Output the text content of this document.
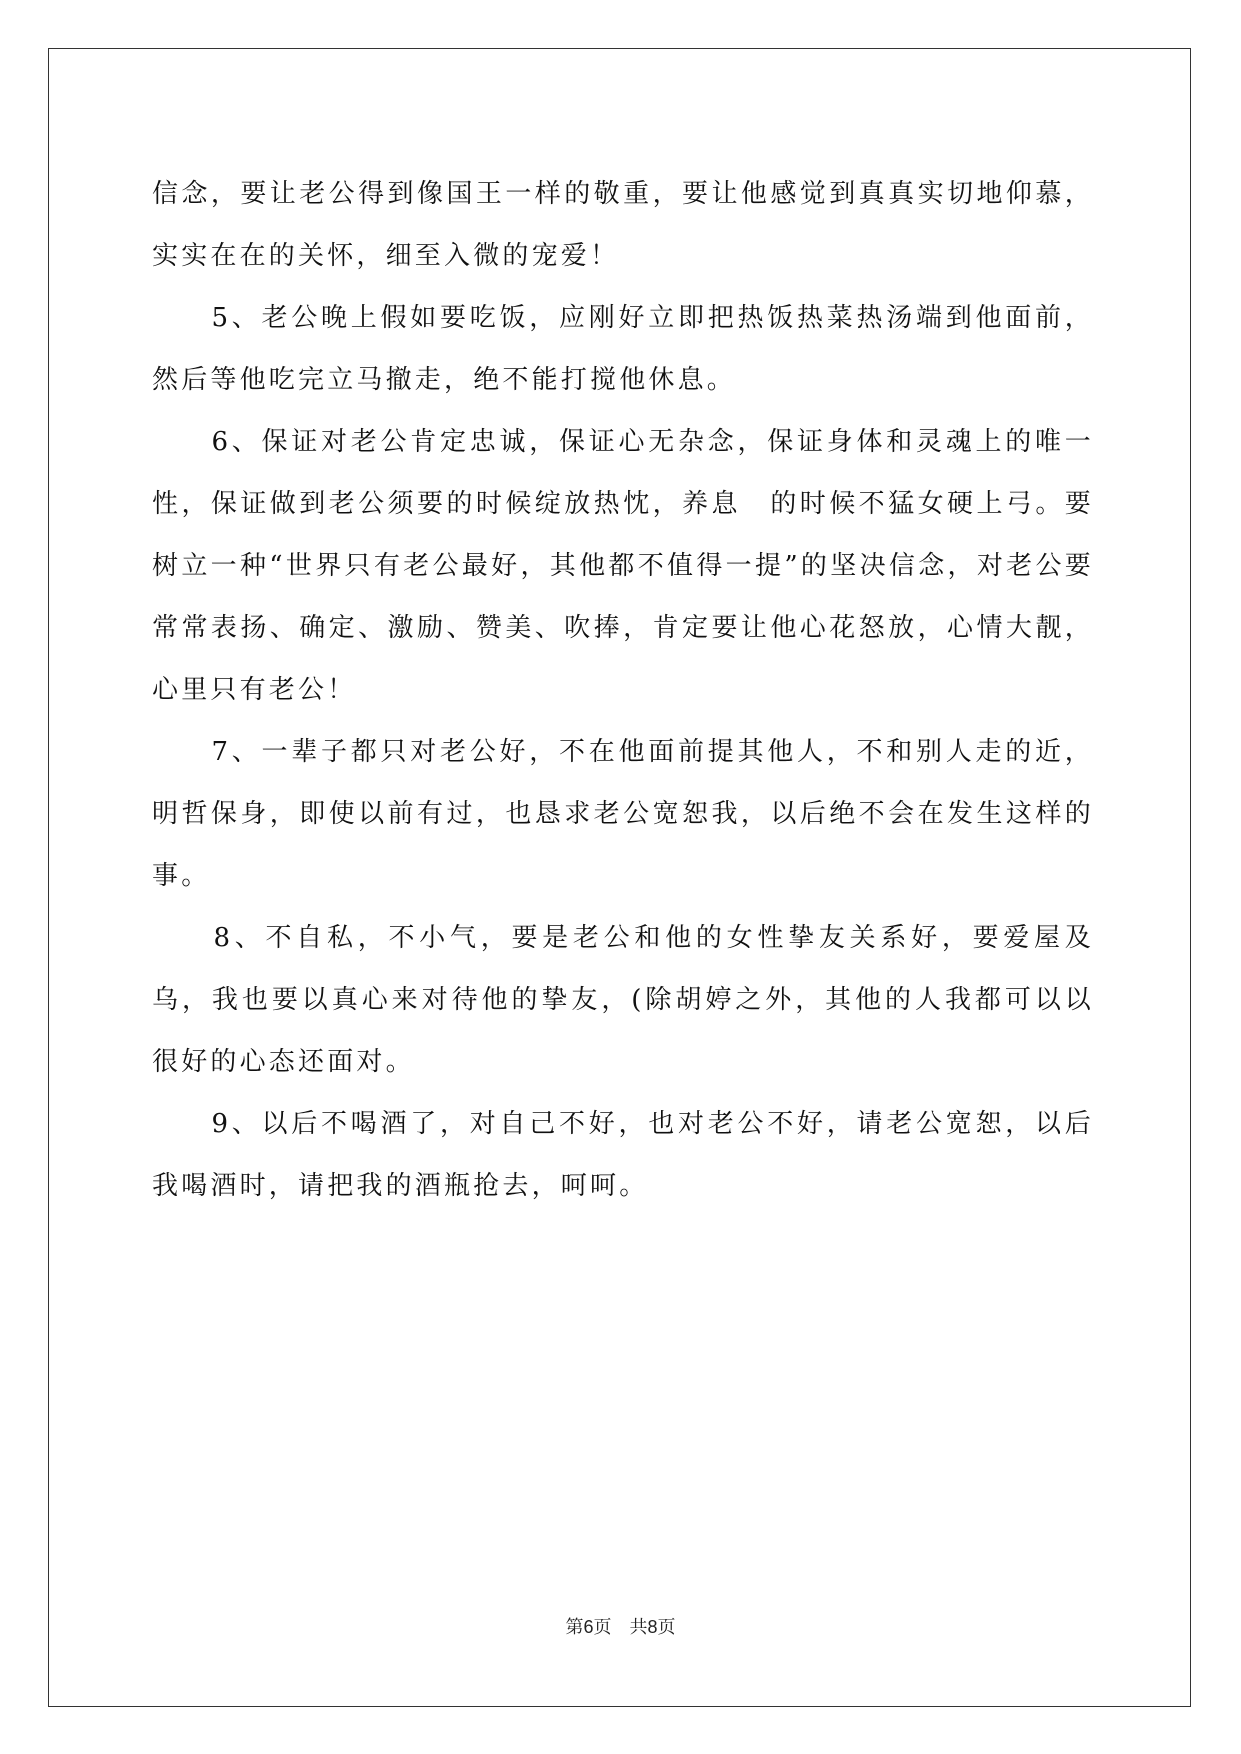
信念，要让老公得到像国王一样的敬重，要让他感觉到真真实切地仰慕，实实在在的关怀，细至入微的宠爱！

　　5、老公晚上假如要吃饭，应刚好立即把热饭热菜热汤端到他面前，然后等他吃完立马撤走，绝不能打搅他休息。

　　6、保证对老公肯定忠诚，保证心无杂念，保证身体和灵魂上的唯一性，保证做到老公须要的时候绽放热忱，养息　的时候不猛女硬上弓。要树立一种“世界只有老公最好，其他都不值得一提”的坚决信念，对老公要常常表扬、确定、激励、赞美、吹捧，肯定要让他心花怒放，心情大靓，心里只有老公！

　　7、一辈子都只对老公好，不在他面前提其他人，不和别人走的近，明哲保身，即使以前有过，也恳求老公宽恕我，以后绝不会在发生这样的事。

　　8、不自私，不小气，要是老公和他的女性挚友关系好，要爱屋及乌，我也要以真心来对待他的挚友，(除胡婷之外，其他的人我都可以以很好的心态还面对。

　　9、以后不喝酒了，对自己不好，也对老公不好，请老公宽恕，以后我喝酒时，请把我的酒瓶抢去，呵呵。

第6页　共8页
